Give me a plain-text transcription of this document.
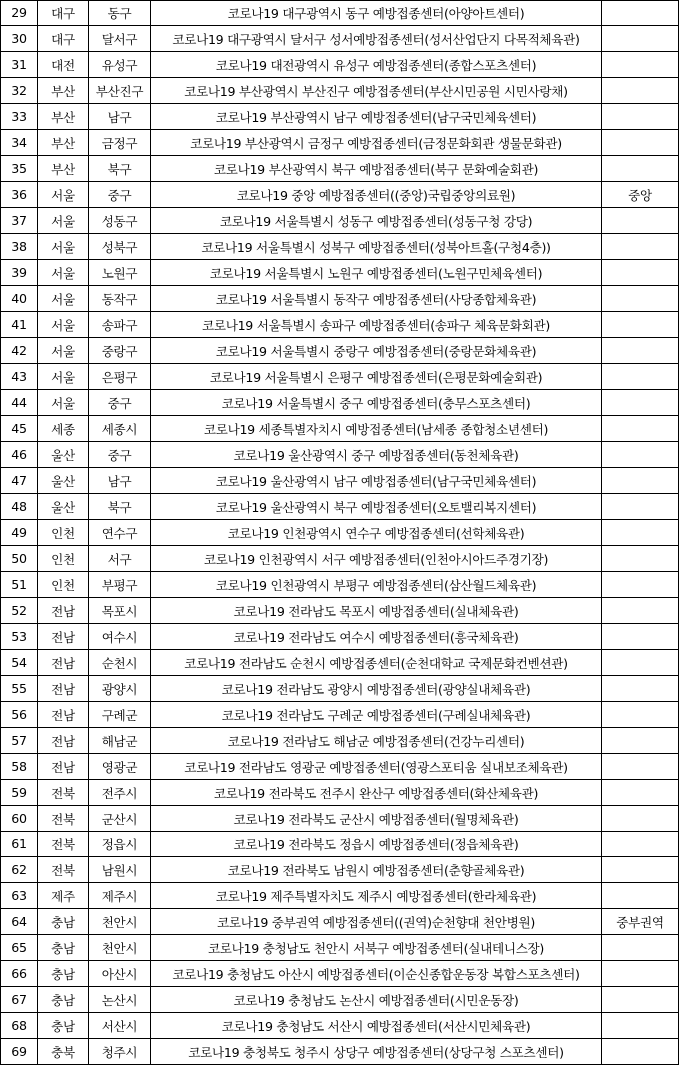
29	대구	동구	코로나19 대구광역시 동구 예방접종센터(아양아트센터)	
30	대구	달서구	코로나19 대구광역시 달서구 성서예방접종센터(성서산업단지 다목적체육관)	
31	대전	유성구	코로나19 대전광역시 유성구 예방접종센터(종합스포츠센터)	
32	부산	부산진구	코로나19 부산광역시 부산진구 예방접종센터(부산시민공원 시민사랑채)	
33	부산	남구	코로나19 부산광역시 남구 예방접종센터(남구국민체육센터)	
34	부산	금정구	코로나19 부산광역시 금정구 예방접종센터(금정문화회관 생물문화관)	
35	부산	북구	코로나19 부산광역시 북구 예방접종센터(북구 문화예술회관)	
36	서울	중구	코로나19 중앙 예방접종센터((중앙)국립중앙의료원)	중앙
37	서울	성동구	코로나19 서울특별시 성동구 예방접종센터(성동구청 강당)	
38	서울	성북구	코로나19 서울특별시 성북구 예방접종센터(성북아트홀(구청4층))	
39	서울	노원구	코로나19 서울특별시 노원구 예방접종센터(노원구민체육센터)	
40	서울	동작구	코로나19 서울특별시 동작구 예방접종센터(사당종합체육관)	
41	서울	송파구	코로나19 서울특별시 송파구 예방접종센터(송파구 체육문화회관)	
42	서울	중랑구	코로나19 서울특별시 중랑구 예방접종센터(중랑문화체육관)	
43	서울	은평구	코로나19 서울특별시 은평구 예방접종센터(은평문화예술회관)	
44	서울	중구	코로나19 서울특별시 중구 예방접종센터(충무스포츠센터)	
45	세종	세종시	코로나19 세종특별자치시 예방접종센터(남세종 종합청소년센터)	
46	울산	중구	코로나19 울산광역시 중구 예방접종센터(동천체육관)	
47	울산	남구	코로나19 울산광역시 남구 예방접종센터(남구국민체육센터)	
48	울산	북구	코로나19 울산광역시 북구 예방접종센터(오토밸리복지센터)	
49	인천	연수구	코로나19 인천광역시 연수구 예방접종센터(선학체육관)	
50	인천	서구	코로나19 인천광역시 서구 예방접종센터(인천아시아드주경기장)	
51	인천	부평구	코로나19 인천광역시 부평구 예방접종센터(삼산월드체육관)	
52	전남	목포시	코로나19 전라남도 목포시 예방접종센터(실내체육관)	
53	전남	여수시	코로나19 전라남도 여수시 예방접종센터(흥국체육관)	
54	전남	순천시	코로나19 전라남도 순천시 예방접종센터(순천대학교 국제문화컨벤션관)	
55	전남	광양시	코로나19 전라남도 광양시 예방접종센터(광양실내체육관)	
56	전남	구례군	코로나19 전라남도 구례군 예방접종센터(구례실내체육관)	
57	전남	해남군	코로나19 전라남도 해남군 예방접종센터(건강누리센터)	
58	전남	영광군	코로나19 전라남도 영광군 예방접종센터(영광스포티움 실내보조체육관)	
59	전북	전주시	코로나19 전라북도 전주시 완산구 예방접종센터(화산체육관)	
60	전북	군산시	코로나19 전라북도 군산시 예방접종센터(월명체육관)	
61	전북	정읍시	코로나19 전라북도 정읍시 예방접종센터(정읍체육관)	
62	전북	남원시	코로나19 전라북도 남원시 예방접종센터(춘향골체육관)	
63	제주	제주시	코로나19 제주특별자치도 제주시 예방접종센터(한라체육관)	
64	충남	천안시	코로나19 중부권역 예방접종센터((권역)순천향대 천안병원)	중부권역
65	충남	천안시	코로나19 충청남도 천안시 서북구 예방접종센터(실내테니스장)	
66	충남	아산시	코로나19 충청남도 아산시 예방접종센터(이순신종합운동장 복합스포츠센터)	
67	충남	논산시	코로나19 충청남도 논산시 예방접종센터(시민운동장)	
68	충남	서산시	코로나19 충청남도 서산시 예방접종센터(서산시민체육관)	
69	충북	청주시	코로나19 충청북도 청주시 상당구 예방접종센터(상당구청 스포츠센터)	
